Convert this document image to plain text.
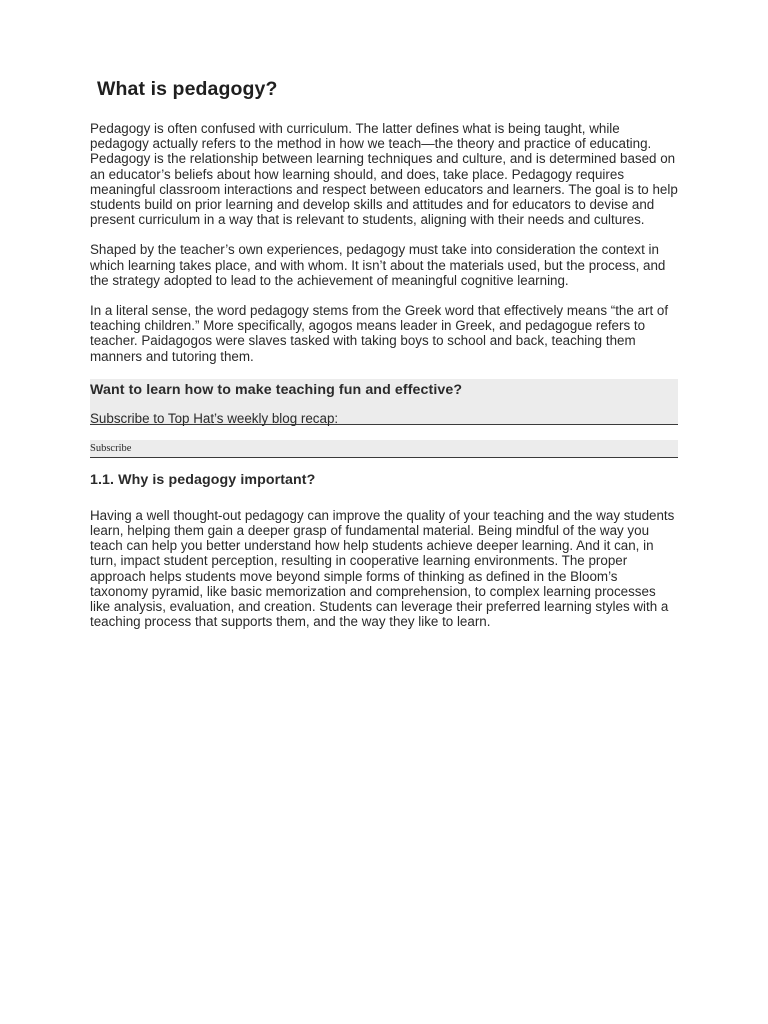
What is pedagogy?

Pedagogy is often confused with curriculum. The latter defines what is being taught, while pedagogy actually refers to the method in how we teach—the theory and practice of educating. Pedagogy is the relationship between learning techniques and culture, and is determined based on an educator’s beliefs about how learning should, and does, take place. Pedagogy requires meaningful classroom interactions and respect between educators and learners. The goal is to help students build on prior learning and develop skills and attitudes and for educators to devise and present curriculum in a way that is relevant to students, aligning with their needs and cultures.

Shaped by the teacher’s own experiences, pedagogy must take into consideration the context in which learning takes place, and with whom. It isn’t about the materials used, but the process, and the strategy adopted to lead to the achievement of meaningful cognitive learning.

In a literal sense, the word pedagogy stems from the Greek word that effectively means “the art of teaching children.” More specifically, agogos means leader in Greek, and pedagogue refers to teacher. Paidagogos were slaves tasked with taking boys to school and back, teaching them manners and tutoring them.

Want to learn how to make teaching fun and effective?
Subscribe to Top Hat’s weekly blog recap:
Subscribe
1.1. Why is pedagogy important?

Having a well thought-out pedagogy can improve the quality of your teaching and the way students learn, helping them gain a deeper grasp of fundamental material. Being mindful of the way you teach can help you better understand how help students achieve deeper learning. And it can, in turn, impact student perception, resulting in cooperative learning environments. The proper approach helps students move beyond simple forms of thinking as defined in the Bloom’s taxonomy pyramid, like basic memorization and comprehension, to complex learning processes like analysis, evaluation, and creation. Students can leverage their preferred learning styles with a teaching process that supports them, and the way they like to learn.
